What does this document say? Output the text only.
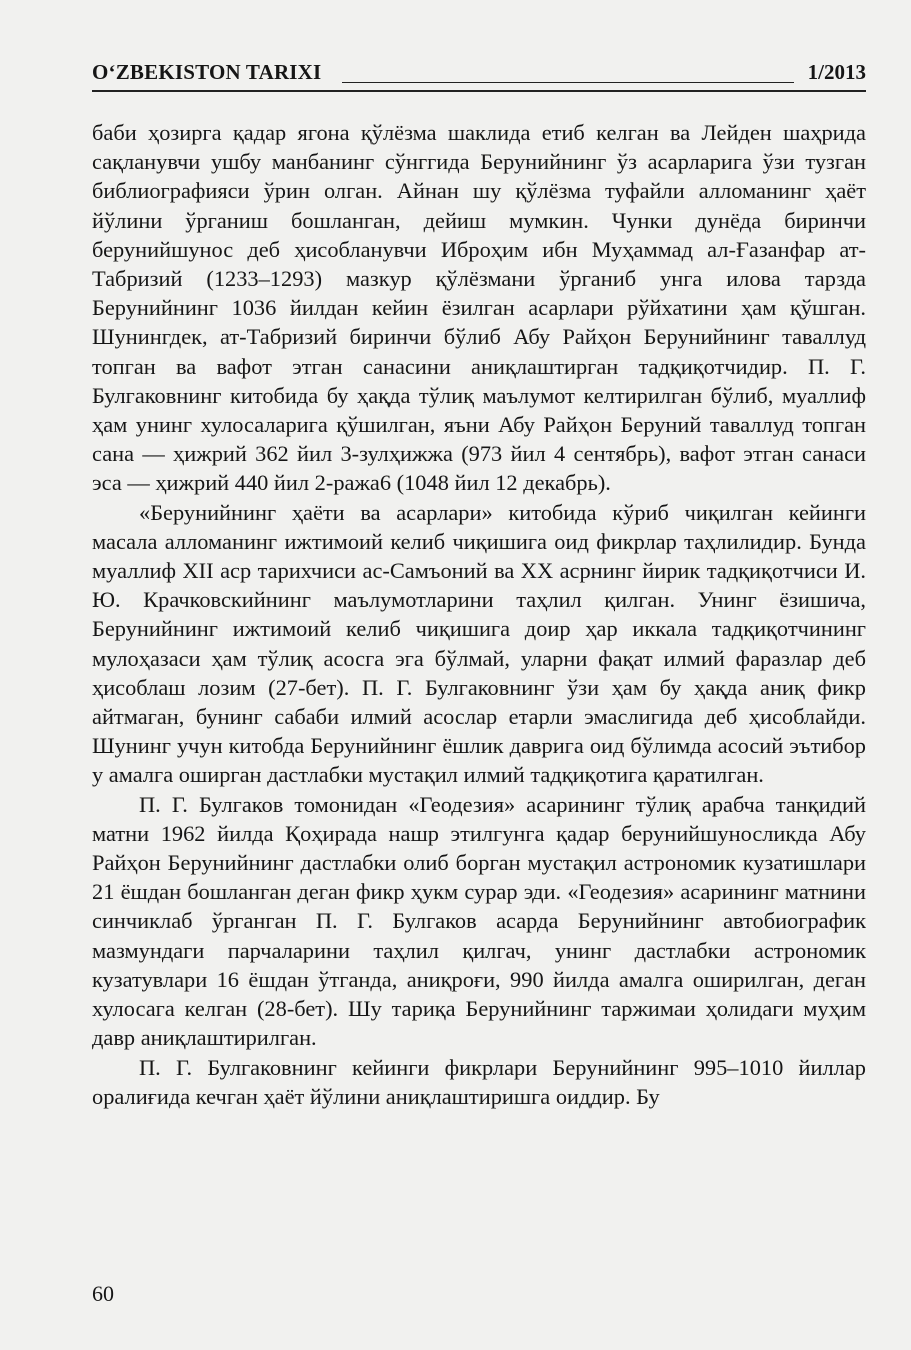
O‘ZBEKISTON TARIXI	1/2013

баби ҳозирга қадар ягона қўлёзма шаклида етиб келган ва Лейден шаҳрида сақланувчи ушбу манбанинг сўнггида Берунийнинг ўз асарларига ўзи тузган библиографияси ўрин олган. Айнан шу қўлёзма туфайли алломанинг ҳаёт йўлини ўрганиш бошланган, дейиш мумкин. Чунки дунёда биринчи берунийшунос деб ҳисобланувчи Иброҳим ибн Муҳаммад ал-Ғазанфар ат-Табризий (1233–1293) мазкур қўлёзмани ўрганиб унга илова тарзда Берунийнинг 1036 йилдан кейин ёзилган асарлари рўйхатини ҳам қўшган. Шунингдек, ат-Табризий биринчи бўлиб Абу Райҳон Берунийнинг таваллуд топган ва вафот этган санасини аниқлаштирган тадқиқотчидир. П. Г. Булгаковнинг китобида бу ҳақда тўлиқ маълумот келтирилган бўлиб, муаллиф ҳам унинг хулосаларига қўшилган, яъни Абу Райҳон Беруний таваллуд топган сана — ҳижрий 362 йил 3-зулҳижжа (973 йил 4 сентябрь), вафот этган санаси эса — ҳижрий 440 йил 2-ража6 (1048 йил 12 декабрь).

«Берунийнинг ҳаёти ва асарлари» китобида кўриб чиқилган кейинги масала алломанинг ижтимоий келиб чиқишига оид фикрлар таҳлилидир. Бунда муаллиф XII аср тарихчиси ас-Самъоний ва XX асрнинг йирик тадқиқотчиси И. Ю. Крачковскийнинг маълумотларини таҳлил қилган. Унинг ёзишича, Берунийнинг ижтимоий келиб чиқишига доир ҳар иккала тадқиқотчининг мулоҳазаси ҳам тўлиқ асосга эга бўлмай, уларни фақат илмий фаразлар деб ҳисоблаш лозим (27-бет). П. Г. Булгаковнинг ўзи ҳам бу ҳақда аниқ фикр айтмаган, бунинг сабаби илмий асослар етарли эмаслигида деб ҳисоблайди. Шунинг учун китобда Берунийнинг ёшлик даврига оид бўлимда асосий эътибор у амалга оширган дастлабки мустақил илмий тадқиқотига қаратилган.

П. Г. Булгаков томонидан «Геодезия» асарининг тўлиқ арабча танқидий матни 1962 йилда Қоҳирада нашр этилгунга қадар берунийшуносликда Абу Райҳон Берунийнинг дастлабки олиб борган мустақил астрономик кузатишлари 21 ёшдан бошланган деган фикр ҳукм сурар эди. «Геодезия» асарининг матнини синчиклаб ўрганган П. Г. Булгаков асарда Берунийнинг автобиографик мазмундаги парчаларини таҳлил қилгач, унинг дастлабки астрономик кузатувлари 16 ёшдан ўтганда, аниқроғи, 990 йилда амалга оширилган, деган хулосага келган (28-бет). Шу тариқа Берунийнинг таржимаи ҳолидаги муҳим давр аниқлаштирилган.

П. Г. Булгаковнинг кейинги фикрлари Берунийнинг 995–1010 йиллар оралиғида кечган ҳаёт йўлини аниқлаштиришга оиддир. Бу

60
